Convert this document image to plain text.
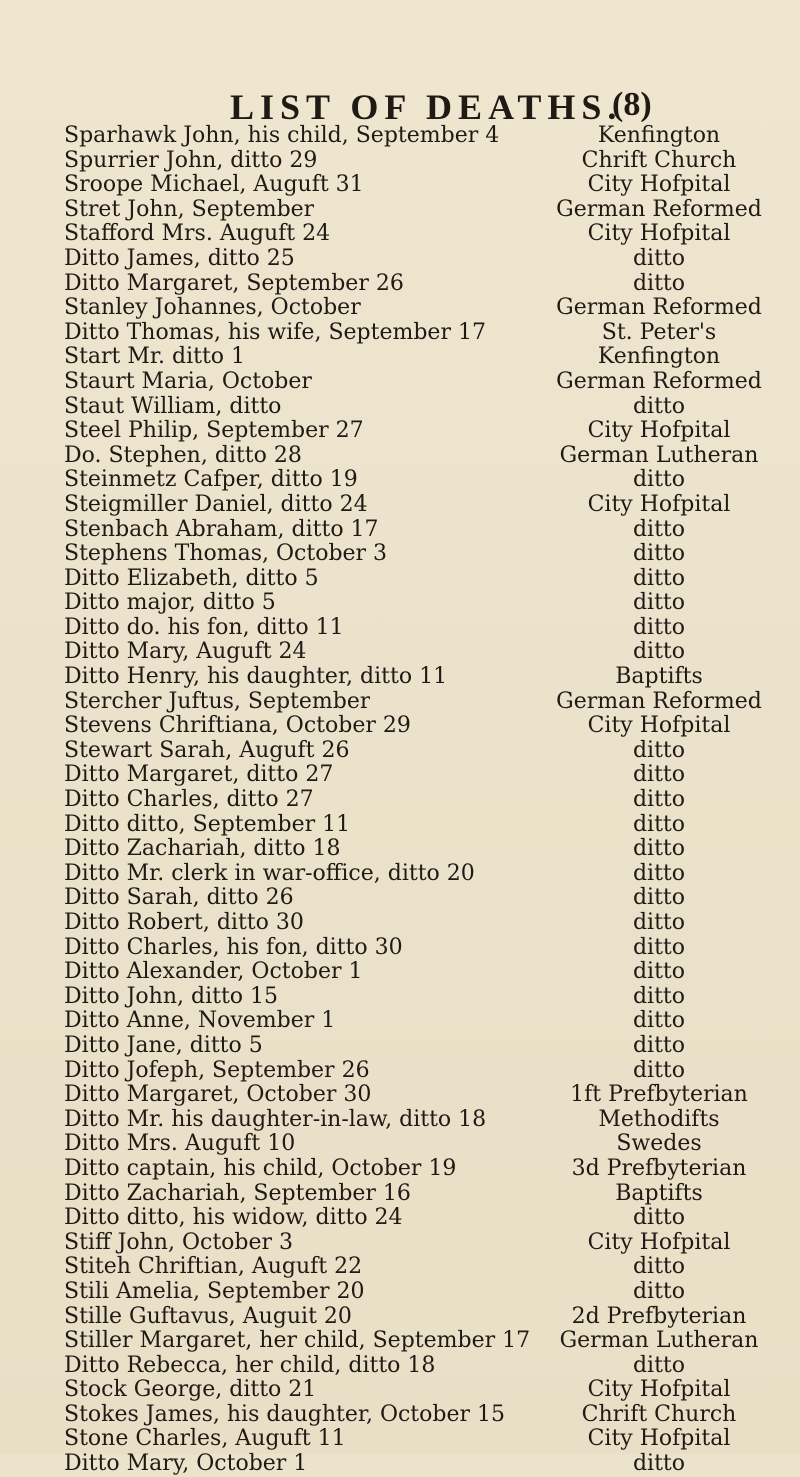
LIST OF DEATHS.
(8)
Sparhawk John, his child, September 4	Kenfington
Spurrier John, ditto 29	Chrift Church
Sroope Michael, Auguft 31	City Hofpital
Stret John, September	German Reformed
Stafford Mrs. Auguft 24	City Hofpital
Ditto James, ditto 25	ditto
Ditto Margaret, September 26	ditto
Stanley Johannes, October	German Reformed
Ditto Thomas, his wife, September 17	St. Peter's
Start Mr. ditto 1	Kenfington
Staurt Maria, October	German Reformed
Staut William, ditto	ditto
Steel Philip, September 27	City Hofpital
Do. Stephen, ditto 28	German Lutheran
Steinmetz Cafper, ditto 19	ditto
Steigmiller Daniel, ditto 24	City Hofpital
Stenbach Abraham, ditto 17	ditto
Stephens Thomas, October 3	ditto
Ditto Elizabeth, ditto 5	ditto
Ditto major, ditto 5	ditto
Ditto do. his fon, ditto 11	ditto
Ditto Mary, Auguft 24	ditto
Ditto Henry, his daughter, ditto 11	Baptifts
Stercher Juftus, September	German Reformed
Stevens Chriftiana, October 29	City Hofpital
Stewart Sarah, Auguft 26	ditto
Ditto Margaret, ditto 27	ditto
Ditto Charles, ditto 27	ditto
Ditto ditto, September 11	ditto
Ditto Zachariah, ditto 18	ditto
Ditto Mr. clerk in war-office, ditto 20	ditto
Ditto Sarah, ditto 26	ditto
Ditto Robert, ditto 30	ditto
Ditto Charles, his fon, ditto 30	ditto
Ditto Alexander, October 1	ditto
Ditto John, ditto 15	ditto
Ditto Anne, November 1	ditto
Ditto Jane, ditto 5	ditto
Ditto Jofeph, September 26	ditto
Ditto Margaret, October 30	1ft Prefbyterian
Ditto Mr. his daughter-in-law, ditto 18	Methodifts
Ditto Mrs. Auguft 10	Swedes
Ditto captain, his child, October 19	3d Prefbyterian
Ditto Zachariah, September 16	Baptifts
Ditto ditto, his widow, ditto 24	ditto
Stiff John, October 3	City Hofpital
Stiteh Chriftian, Auguft 22	ditto
Stili Amelia, September 20	ditto
Stille Guftavus, Auguit 20	2d Prefbyterian
Stiller Margaret, her child, September 17 German Lutheran
Ditto Rebecca, her child, ditto 18	ditto
Stock George, ditto 21	City Hofpital
Stokes James, his daughter, October 15	Chrift Church
Stone Charles, Auguft 11	City Hofpital
Ditto Mary, October 1	ditto
